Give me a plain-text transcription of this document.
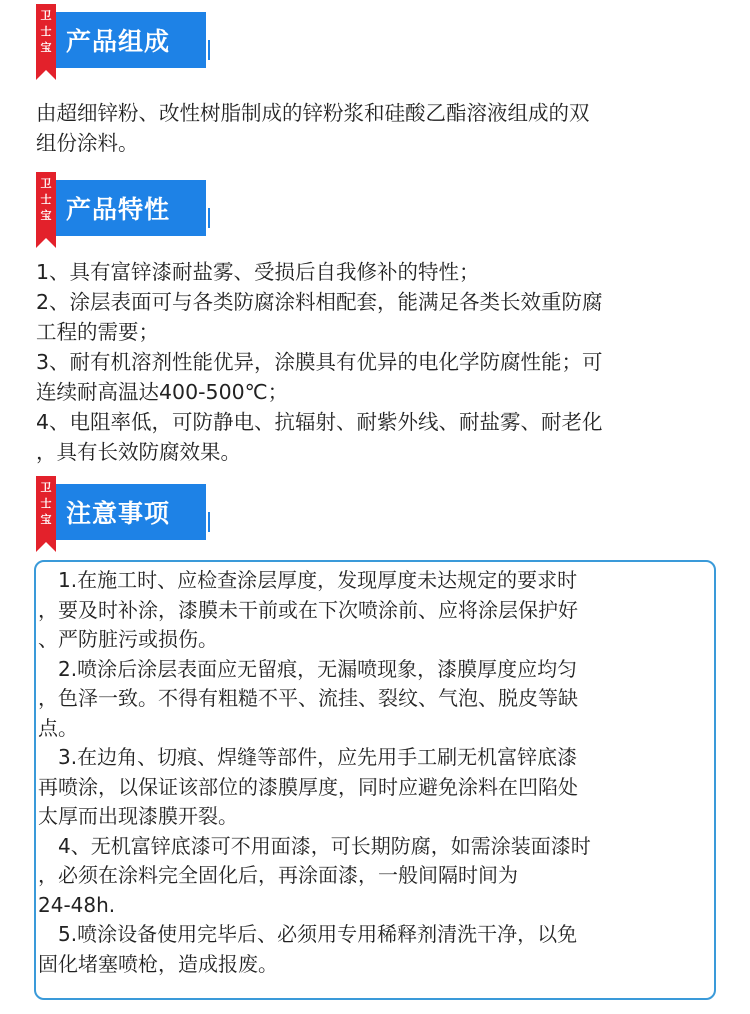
卫
士
宝 产品组成

由超细锌粉、改性树脂制成的锌粉浆和硅酸乙酯溶液组成的双

组份涂料。

卫
士
宝 产品特性

1、具有富锌漆耐盐雾、受损后自我修补的特性；

2、涂层表面可与各类防腐涂料相配套，能满足各类长效重防腐

工程的需要；

3、耐有机溶剂性能优异，涂膜具有优异的电化学防腐性能；可

连续耐高温达400-500℃；

4、电阻率低，可防静电、抗辐射、耐紫外线、耐盐雾、耐老化

，具有长效防腐效果。

卫
士
宝 注意事项

1.在施工时、应检查涂层厚度，发现厚度未达规定的要求时

，要及时补涂，漆膜未干前或在下次喷涂前、应将涂层保护好

、严防脏污或损伤。

2.喷涂后涂层表面应无留痕，无漏喷现象，漆膜厚度应均匀

，色泽一致。不得有粗糙不平、流挂、裂纹、气泡、脱皮等缺

点。

3.在边角、切痕、焊缝等部件，应先用手工刷无机富锌底漆

再喷涂，以保证该部位的漆膜厚度，同时应避免涂料在凹陷处

太厚而出现漆膜开裂。

4、无机富锌底漆可不用面漆，可长期防腐，如需涂装面漆时

，必须在涂料完全固化后，再涂面漆，一般间隔时间为

24-48h.

5.喷涂设备使用完毕后、必须用专用稀释剂清洗干净，以免

固化堵塞喷枪，造成报废。
